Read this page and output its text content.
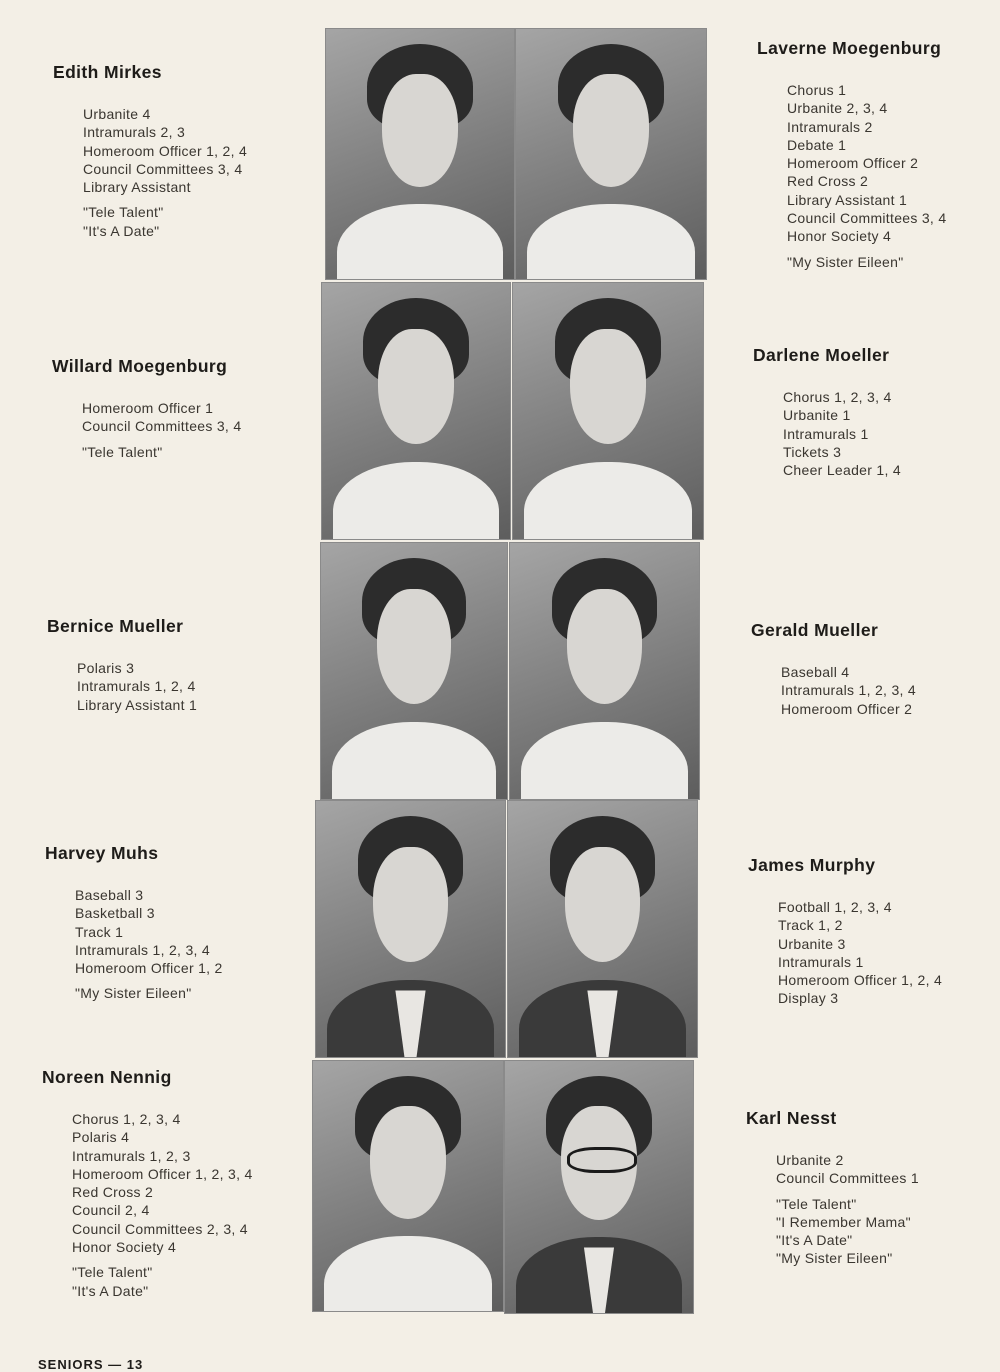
Edith Mirkes
Urbanite 4
Intramurals 2, 3
Homeroom Officer 1, 2, 4
Council Committees 3, 4
Library Assistant
"Tele Talent"
"It's A Date"
Willard Moegenburg
Homeroom Officer 1
Council Committees 3, 4
"Tele Talent"
Bernice Mueller
Polaris 3
Intramurals 1, 2, 4
Library Assistant 1
Harvey Muhs
Baseball 3
Basketball 3
Track 1
Intramurals 1, 2, 3, 4
Homeroom Officer 1, 2
"My Sister Eileen"
Noreen Nennig
Chorus 1, 2, 3, 4
Polaris 4
Intramurals 1, 2, 3
Homeroom Officer 1, 2, 3, 4
Red Cross 2
Council 2, 4
Council Committees 2, 3, 4
Honor Society 4
"Tele Talent"
"It's A Date"
Laverne Moegenburg
Chorus 1
Urbanite 2, 3, 4
Intramurals 2
Debate 1
Homeroom Officer 2
Red Cross 2
Library Assistant 1
Council Committees 3, 4
Honor Society 4
"My Sister Eileen"
Darlene Moeller
Chorus 1, 2, 3, 4
Urbanite 1
Intramurals 1
Tickets 3
Cheer Leader 1, 4
Gerald Mueller
Baseball 4
Intramurals 1, 2, 3, 4
Homeroom Officer 2
James Murphy
Football 1, 2, 3, 4
Track 1, 2
Urbanite 3
Intramurals 1
Homeroom Officer 1, 2, 4
Display 3
Karl Nesst
Urbanite 2
Council Committees 1
"Tele Talent"
"I Remember Mama"
"It's A Date"
"My Sister Eileen"
SENIORS — 13
